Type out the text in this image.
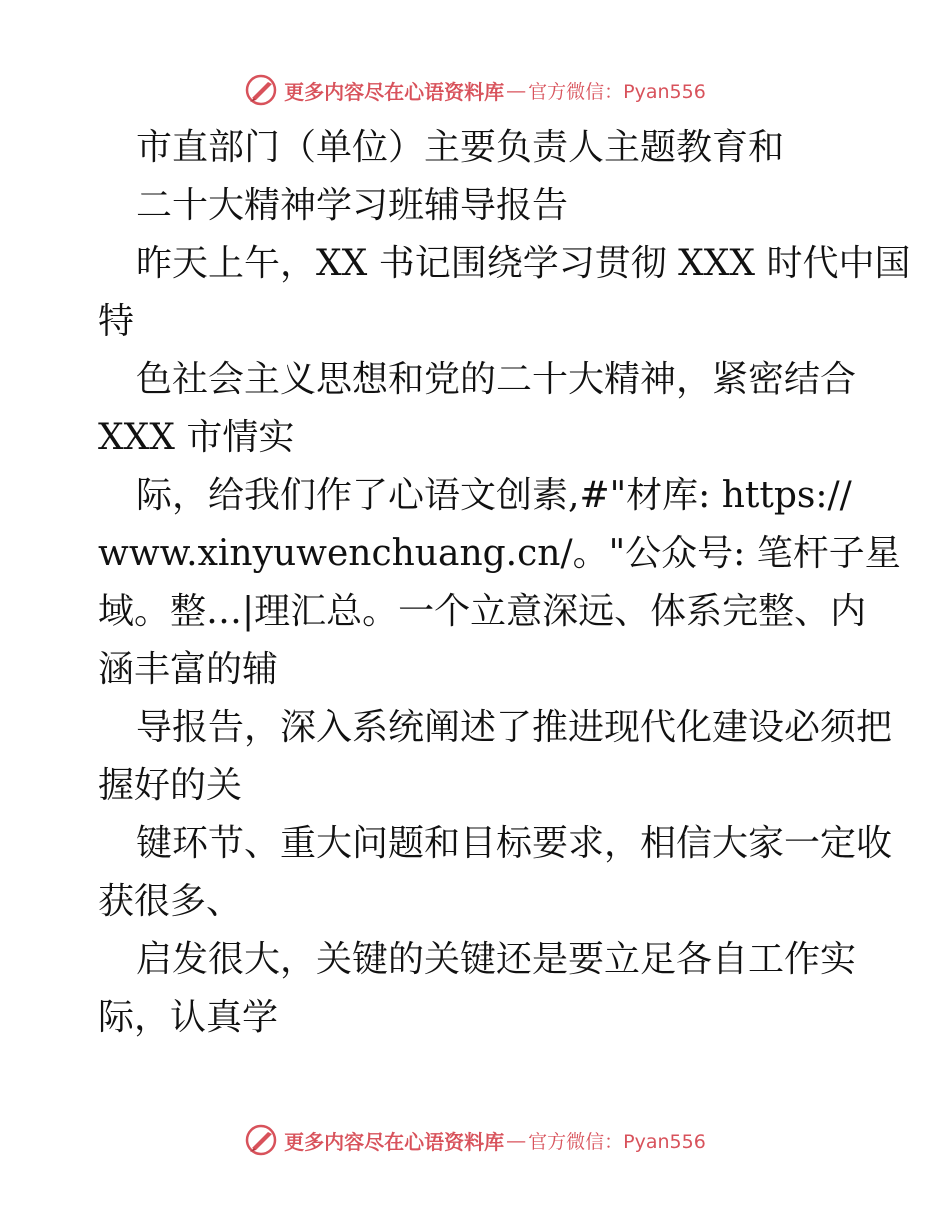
更多内容尽在心语资料库 — 官方微信：Pyan556
市直部门（单位）主要负责人主题教育和
二十大精神学习班辅导报告
昨天上午，XX 书记围绕学习贯彻 XXX 时代中国
特
色社会主义思想和党的二十大精神，紧密结合
XXX 市情实
际，给我们作了心语文创素,#"材库: https://
www.xinyuwenchuang.cn/。"公众号: 笔杆子星
域。整…|理汇总。一个立意深远、体系完整、内
涵丰富的辅
导报告，深入系统阐述了推进现代化建设必须把
握好的关
键环节、重大问题和目标要求，相信大家一定收
获很多、
启发很大，关键的关键还是要立足各自工作实
际，认真学
更多内容尽在心语资料库 — 官方微信：Pyan556
